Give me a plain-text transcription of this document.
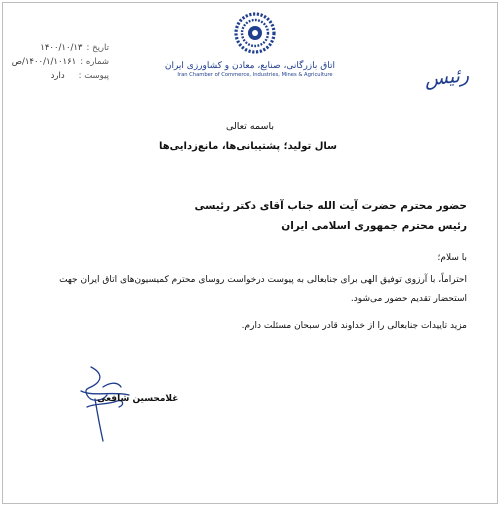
تاریخ :
۱۴۰۰/۱۰/۱۳
شماره :
۱۴۰۰/۱/۱۰۱۶۱/ص
پیوست :
دارد
اتاق بازرگانی، صنایع، معادن و کشاورزی ایران
Iran Chamber of Commerce, Industries, Mines & Agriculture	رئیس
باسمه تعالی
سال تولید؛ پشتیبانی‌ها، مانع‌زدایی‌ها
حضور محترم حضرت آیت الله جناب آقای دکتر رئیسی
رئیس محترم جمهوری اسلامی ایران
با سلام؛
احتراماً، با آرزوی توفیق الهی برای جنابعالی به پیوست درخواست روسای محترم کمیسیون‌های اتاق ایران جهت استحضار تقدیم حضور می‌شود.
مزید تاییدات جنابعالی را از خداوند قادر سبحان مسئلت دارم.
غلامحسین شافعی
